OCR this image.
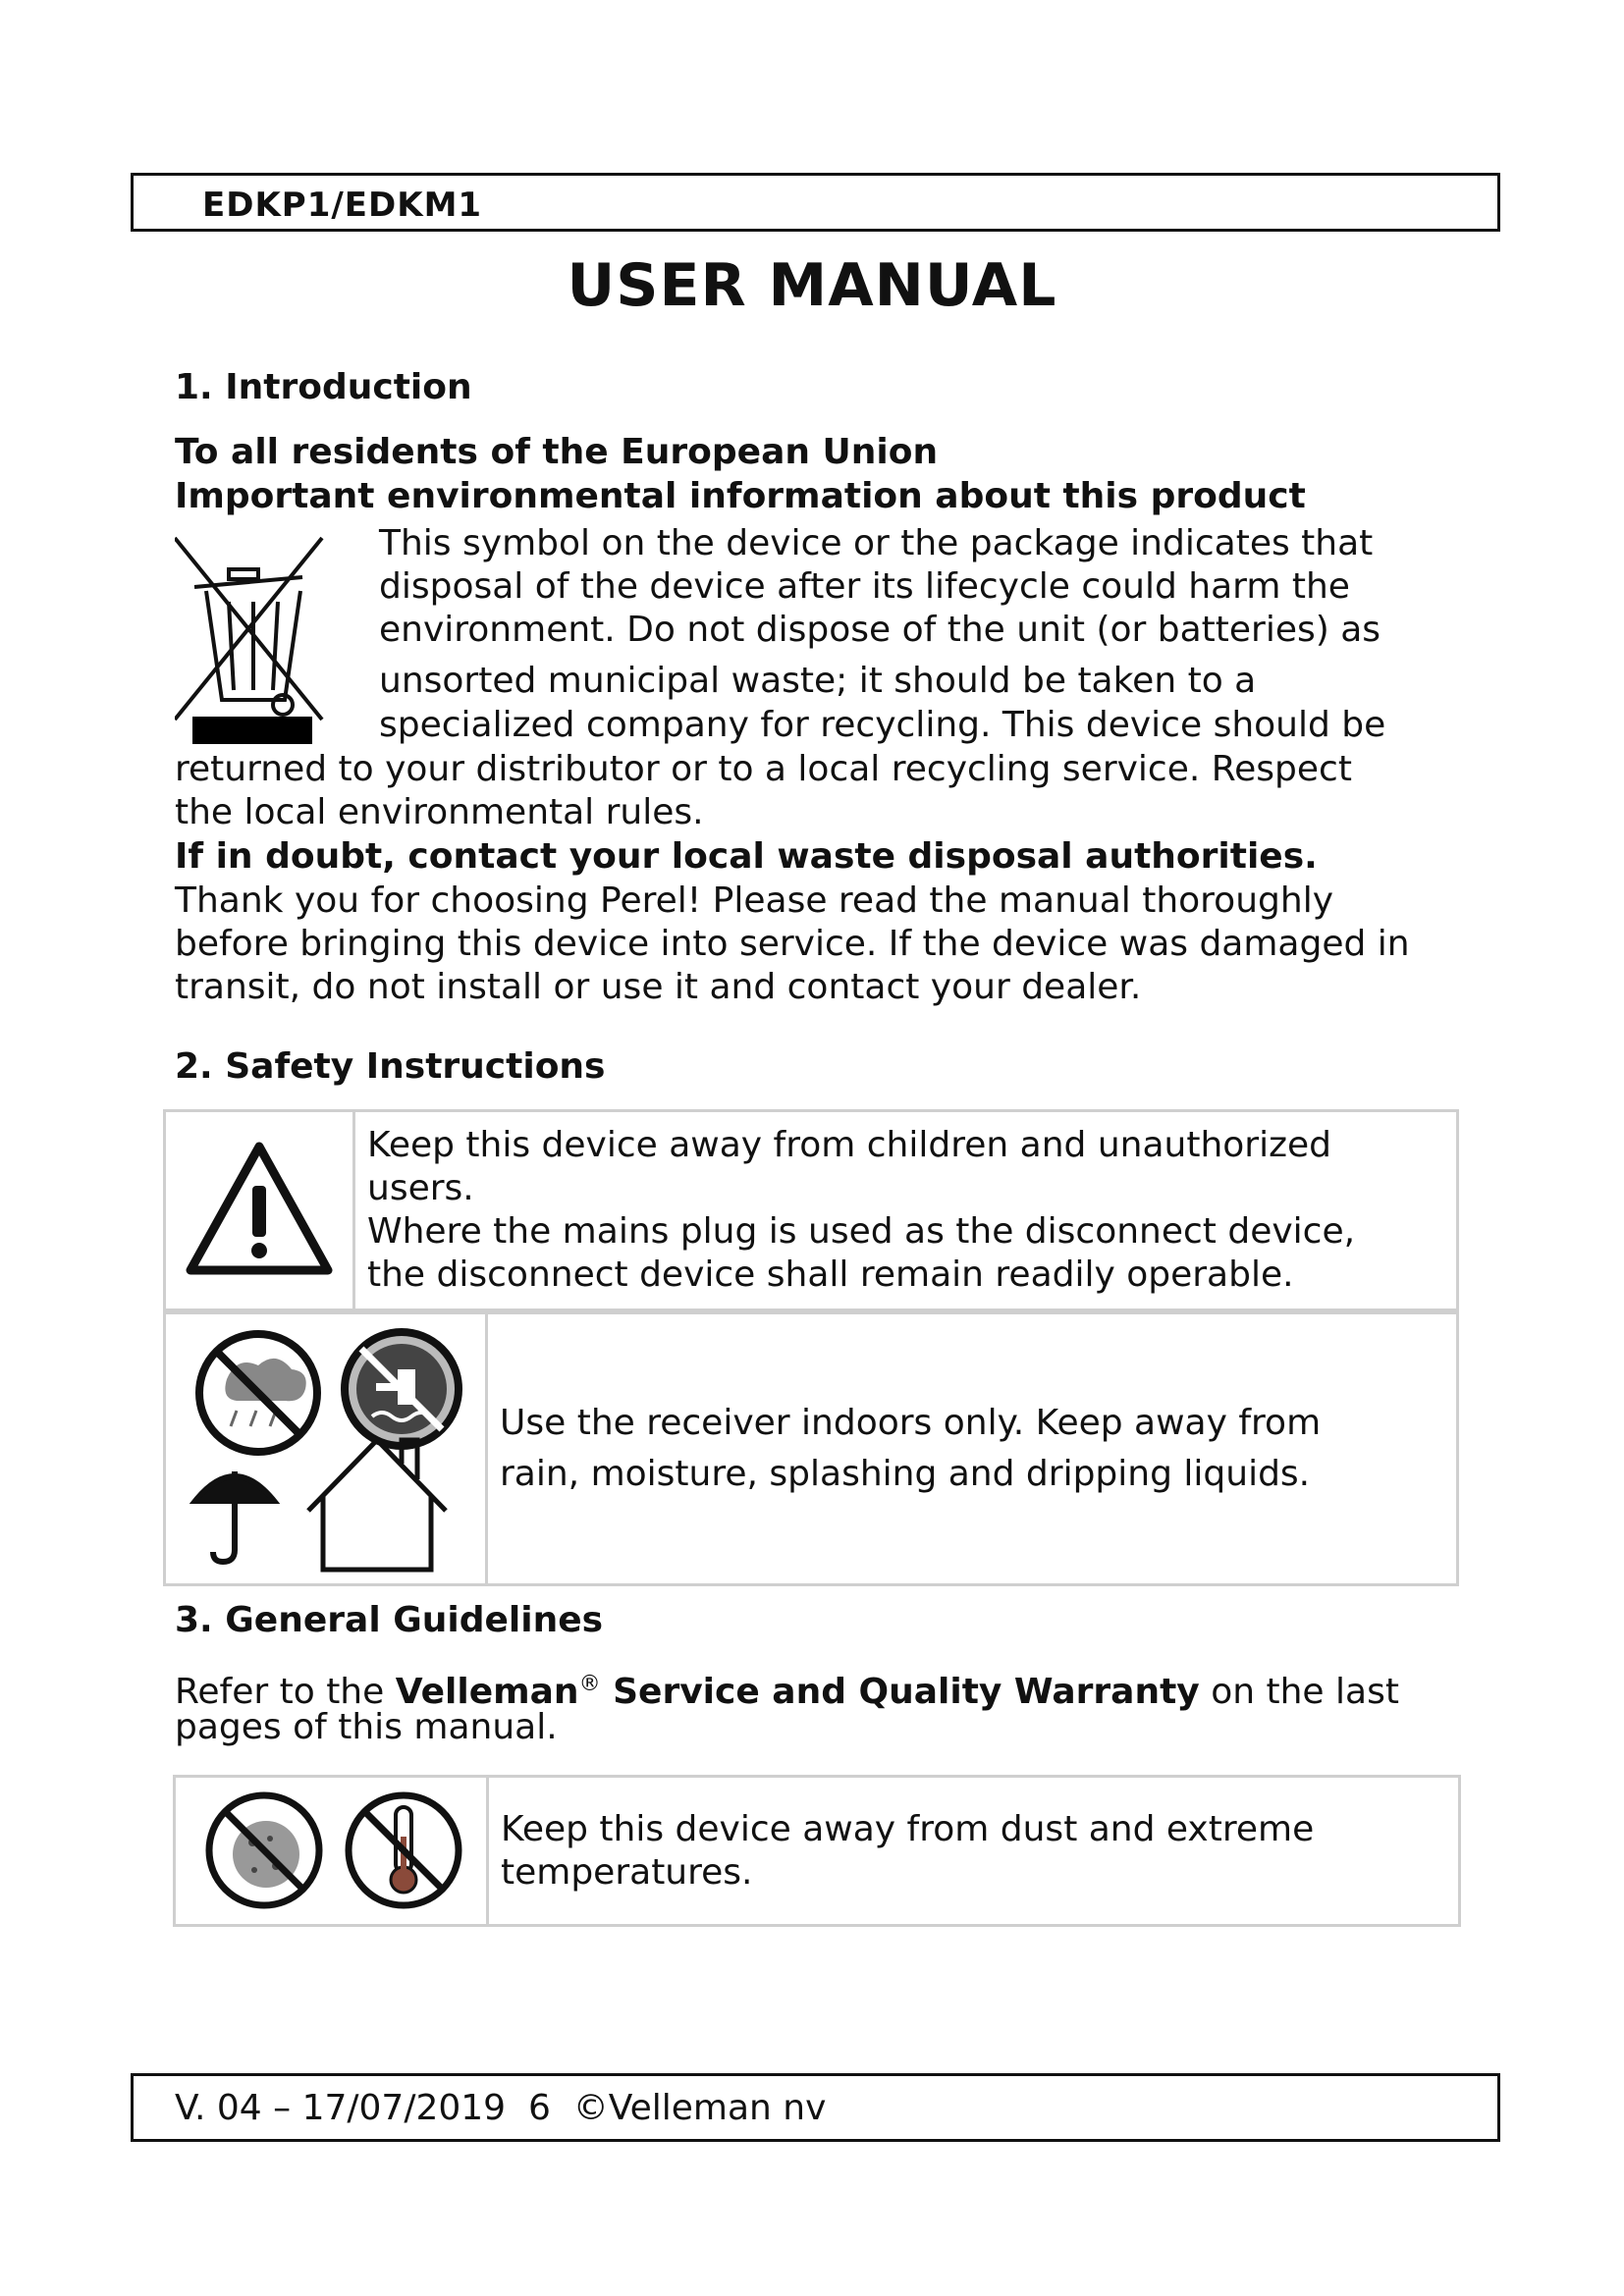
EDKP1/EDKM1
USER MANUAL
1. Introduction
To all residents of the European Union
Important environmental information about this product
This symbol on the device or the package indicates that
disposal of the device after its lifecycle could harm the
environment. Do not dispose of the unit (or batteries) as
unsorted municipal waste; it should be taken to a
specialized company for recycling. This device should be
returned to your distributor or to a local recycling service. Respect
the local environmental rules.
If in doubt, contact your local waste disposal authorities.
Thank you for choosing Perel! Please read the manual thoroughly
before bringing this device into service. If the device was damaged in
transit, do not install or use it and contact your dealer.
2. Safety Instructions

Keep this device away from children and unauthorized
users.
Where the mains plug is used as the disconnect device,
the disconnect device shall remain readily operable.

Use the receiver indoors only. Keep away from
rain, moisture, splashing and dripping liquids.
3. General Guidelines
Refer to the Velleman® Service and Quality Warranty on the last
pages of this manual.

Keep this device away from dust and extreme
temperatures.
V. 04 – 17/07/2019  6  ©Velleman nv
